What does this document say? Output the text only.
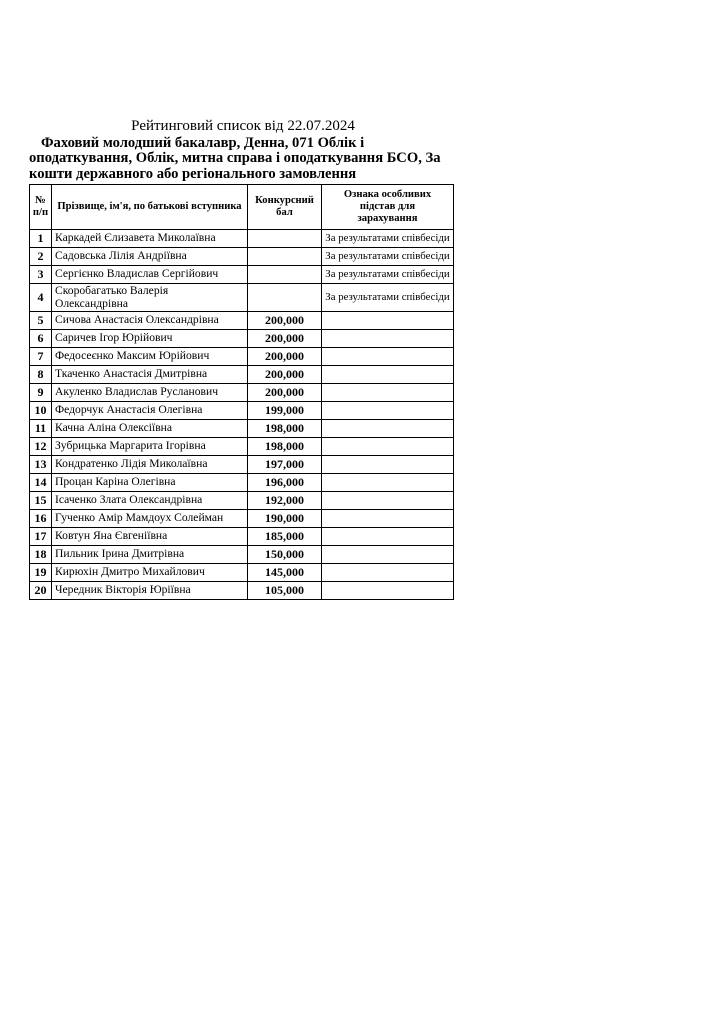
Рейтинговий список від 22.07.2024

Фаховий молодший бакалавр, Денна, 071 Облік і
оподаткування, Облік, митна справа і оподаткування БСО, За
кошти державного або регіонального замовлення

№ п/п	Прізвище, ім'я, по батькові вступника	Конкурсний бал	Ознака особливих підстав для зарахування
1	Каркадей Єлизавета Миколаївна		За результатами співбесіди
2	Садовська Лілія Андріївна		За результатами співбесіди
3	Сергієнко Владислав Сергійович		За результатами співбесіди
4	Скоробагатько Валерія Олександрівна		За результатами співбесіди
5	Сичова Анастасія Олександрівна	200,000	
6	Саричев Ігор Юрійович	200,000	
7	Федосеєнко Максим Юрійович	200,000	
8	Ткаченко Анастасія Дмитрівна	200,000	
9	Акуленко Владислав Русланович	200,000	
10	Федорчук Анастасія Олегівна	199,000	
11	Качна Аліна Олексіївна	198,000	
12	Зубрицька Маргарита Ігорівна	198,000	
13	Кондратенко Лідія Миколаївна	197,000	
14	Процан Каріна Олегівна	196,000	
15	Ісаченко Злата Олександрівна	192,000	
16	Гученко Амір Мамдоух Солейман	190,000	
17	Ковтун Яна Євгеніївна	185,000	
18	Пильник Ірина Дмитрівна	150,000	
19	Кирюхін Дмитро Михайлович	145,000	
20	Чередник Вікторія Юріївна	105,000	
